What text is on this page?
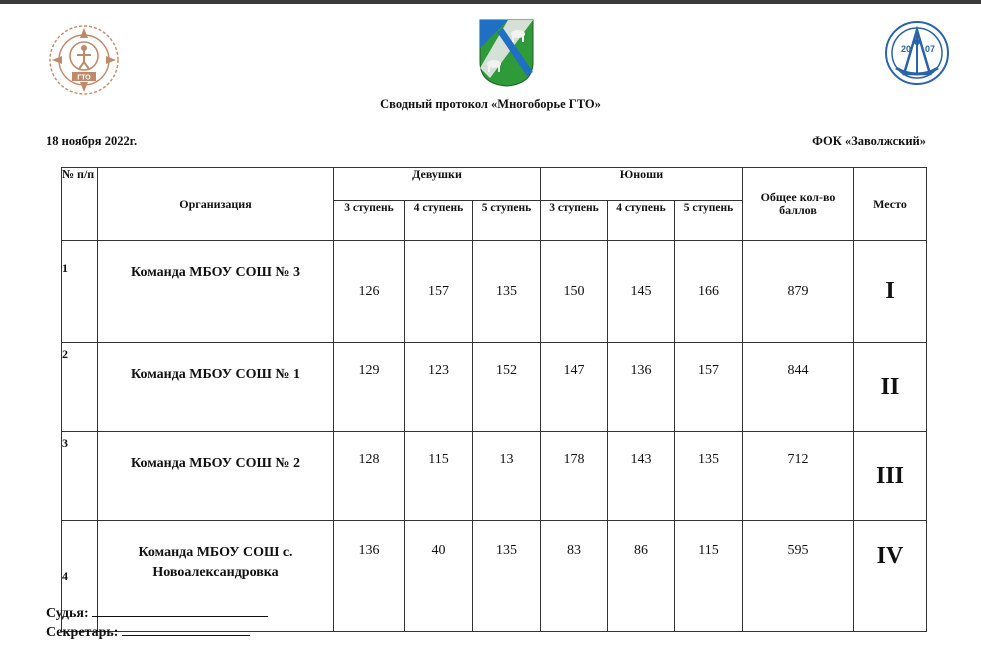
ГТО
20 07
Сводный протокол «Многоборье ГТО»
18 ноября 2022г.	ФОК «Заволжский»
№ п/п	Организация	Девушки			Юноши			Общее кол-во баллов	Место
		3 ступень	4 ступень	5 ступень	3 ступень	4 ступень	5 ступень		
1	Команда МБОУ СОШ № 3	126	157	135	150	145	166	879	I
2	Команда МБОУ СОШ № 1	129	123	152	147	136	157	844	II
3	Команда МБОУ СОШ № 2	128	115	13	178	143	135	712	III
4	Команда МБОУ СОШ с. Новоалександровка	136	40	135	83	86	115	595	IV
Судья:
Секретарь:
